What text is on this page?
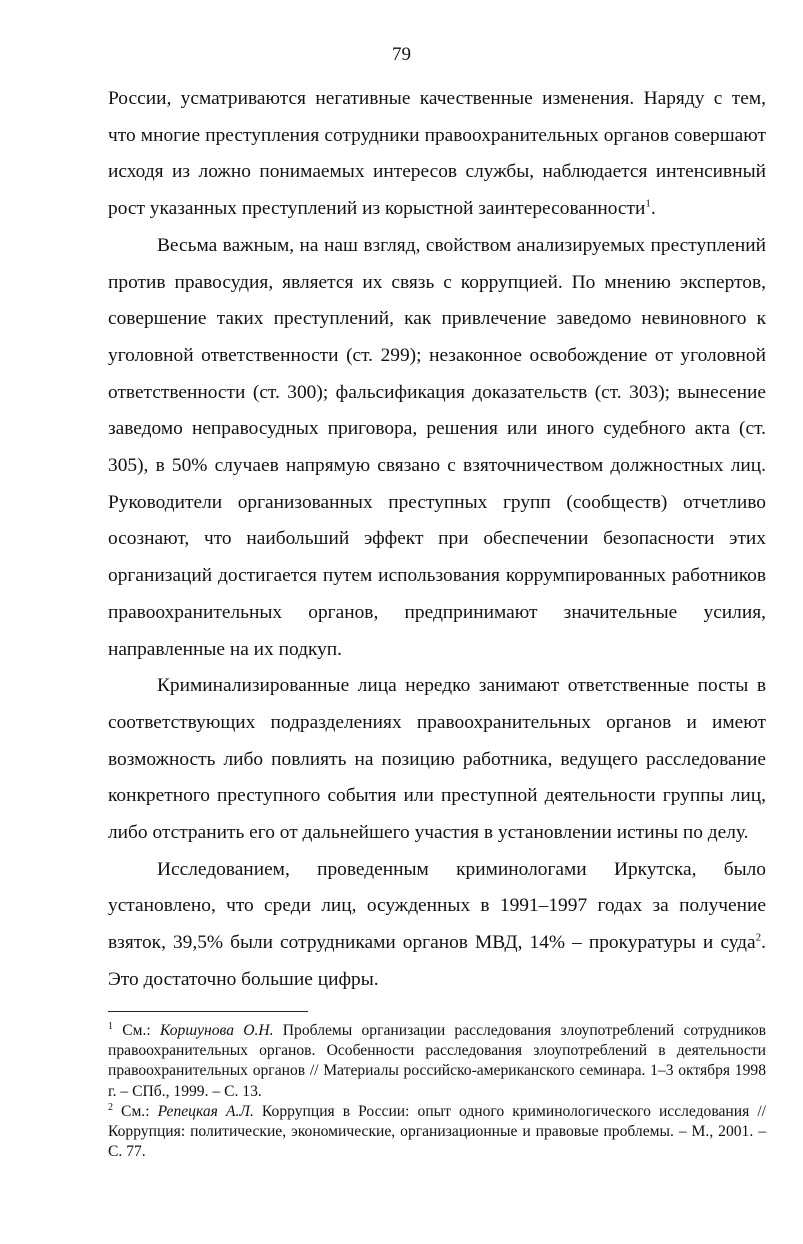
79

России, усматриваются негативные качественные изменения. Наряду с тем, что многие преступления сотрудники правоохранительных органов совершают исходя из ложно понимаемых интересов службы, наблюдается интенсивный рост указанных преступлений из корыстной заинтересованности$^1$.

Весьма важным, на наш взгляд, свойством анализируемых преступлений против правосудия, является их связь с коррупцией. По мнению экспертов, совершение таких преступлений, как привлечение заведомо невиновного к уголовной ответственности (ст. 299); незаконное освобождение от уголовной ответственности (ст. 300); фальсификация доказательств (ст. 303); вынесение заведомо неправосудных приговора, решения или иного судебного акта (ст. 305), в 50% случаев напрямую связано с взяточничеством должностных лиц. Руководители организованных преступных групп (сообществ) отчетливо осознают, что наибольший эффект при обеспечении безопасности этих организаций достигается путем использования коррумпированных работников правоохранительных органов, предпринимают значительные усилия, направленные на их подкуп.

Криминализированные лица нередко занимают ответственные посты в соответствующих подразделениях правоохранительных органов и имеют возможность либо повлиять на позицию работника, ведущего расследование конкретного преступного события или преступной деятельности группы лиц, либо отстранить его от дальнейшего участия в установлении истины по делу.

Исследованием, проведенным криминологами Иркутска, было установлено, что среди лиц, осужденных в 1991–1997 годах за получение взяток, 39,5% были сотрудниками органов МВД, 14% – прокуратуры и суда$^2$. Это достаточно большие цифры.

$^1$ См.: Коршунова О.Н. Проблемы организации расследования злоупотреблений сотрудников правоохранительных органов. Особенности расследования злоупотреблений в деятельности правоохранительных органов // Материалы российско-американского семинара. 1–3 октября 1998 г. – СПб., 1999. – С. 13.

$^2$ См.: Репецкая А.Л. Коррупция в России: опыт одного криминологического исследования // Коррупция: политические, экономические, организационные и правовые проблемы. – М., 2001. – С. 77.
